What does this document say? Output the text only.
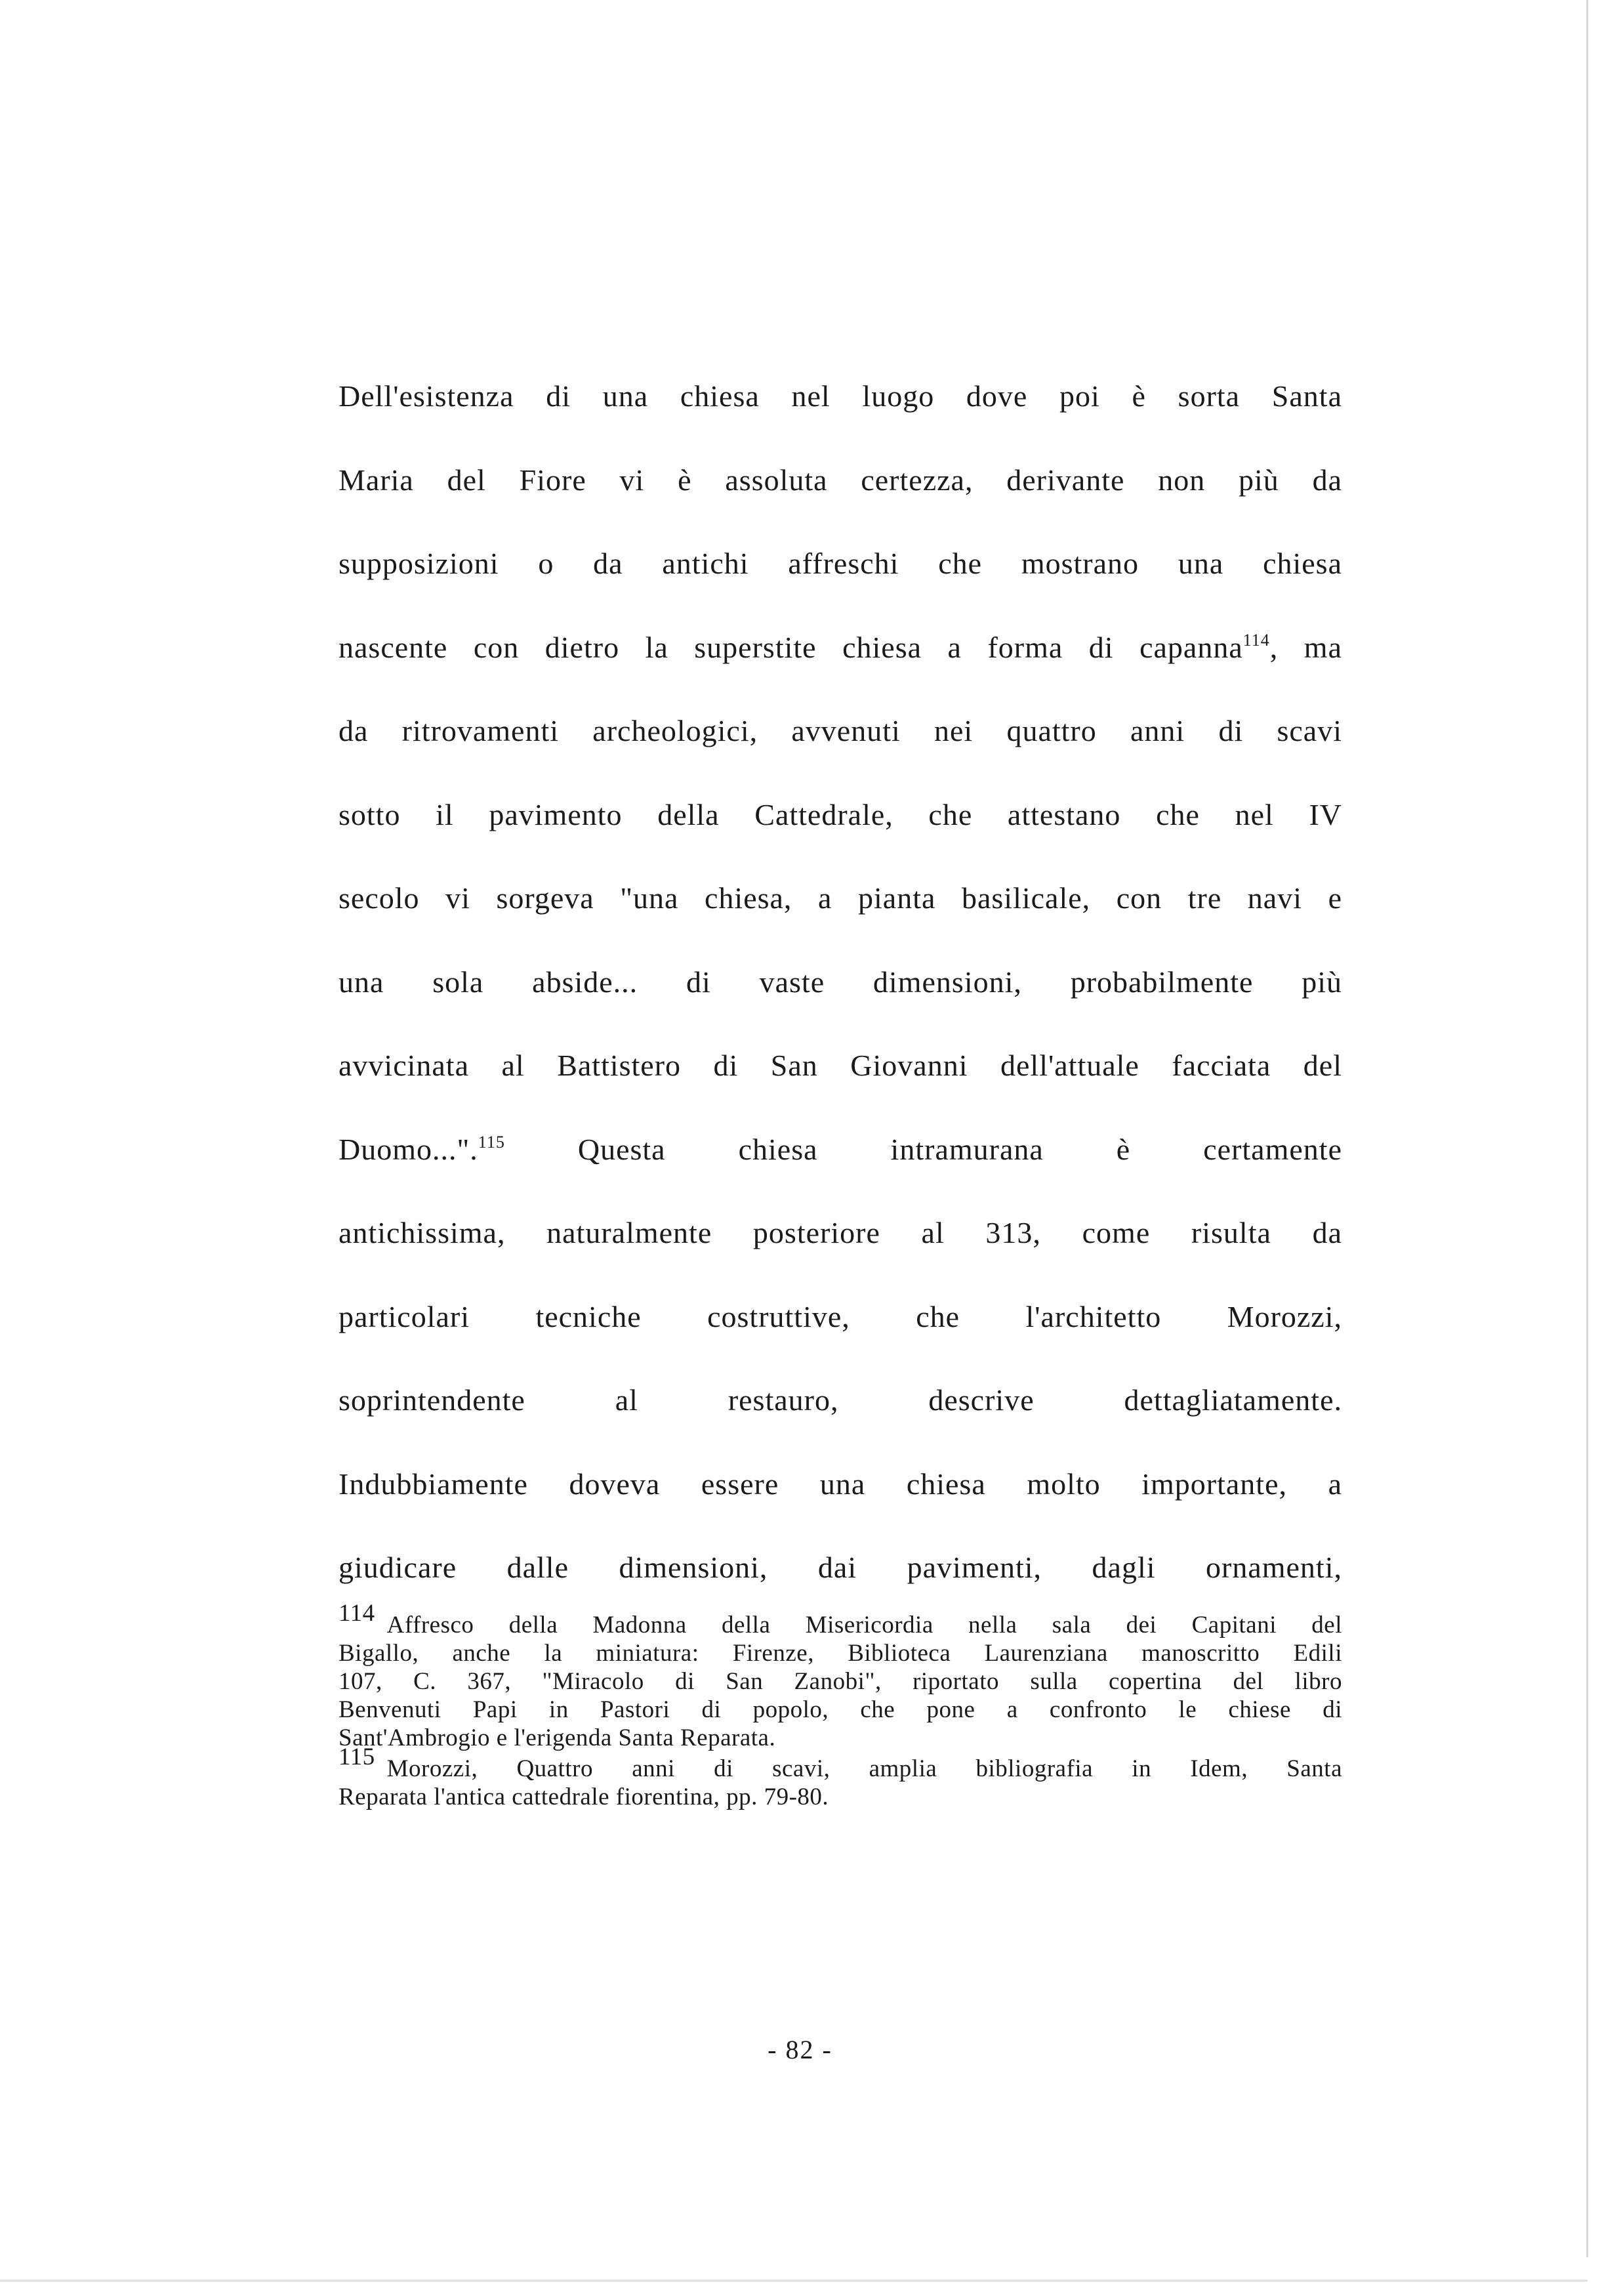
Dell'esistenza di una chiesa nel luogo dove poi è sorta Santa
Maria del Fiore vi è assoluta certezza, derivante non più da
supposizioni o da antichi affreschi che mostrano una chiesa
nascente con dietro la superstite chiesa a forma di capanna$^{114}$, ma
da ritrovamenti archeologici, avvenuti nei quattro anni di scavi
sotto il pavimento della Cattedrale, che attestano che nel IV
secolo vi sorgeva "una chiesa, a pianta basilicale, con tre navi e
una sola abside... di vaste dimensioni, probabilmente più
avvicinata al Battistero di San Giovanni dell'attuale facciata del
Duomo...".$^{115}$ Questa chiesa intramurana è certamente
antichissima, naturalmente posteriore al 313, come risulta da
particolari tecniche costruttive, che l'architetto Morozzi,
soprintendente al restauro, descrive dettagliatamente.
Indubbiamente doveva essere una chiesa molto importante, a
giudicare dalle dimensioni, dai pavimenti, dagli ornamenti,
114 Affresco della Madonna della Misericordia nella sala dei Capitani del
Bigallo, anche la miniatura: Firenze, Biblioteca Laurenziana manoscritto Edili
107, C. 367, "Miracolo di San Zanobi", riportato sulla copertina del libro
Benvenuti Papi in Pastori di popolo, che pone a confronto le chiese di
Sant'Ambrogio e l'erigenda Santa Reparata.
115 Morozzi, Quattro anni di scavi, amplia bibliografia in Idem, Santa
Reparata l'antica cattedrale fiorentina, pp. 79-80.
- 82 -
